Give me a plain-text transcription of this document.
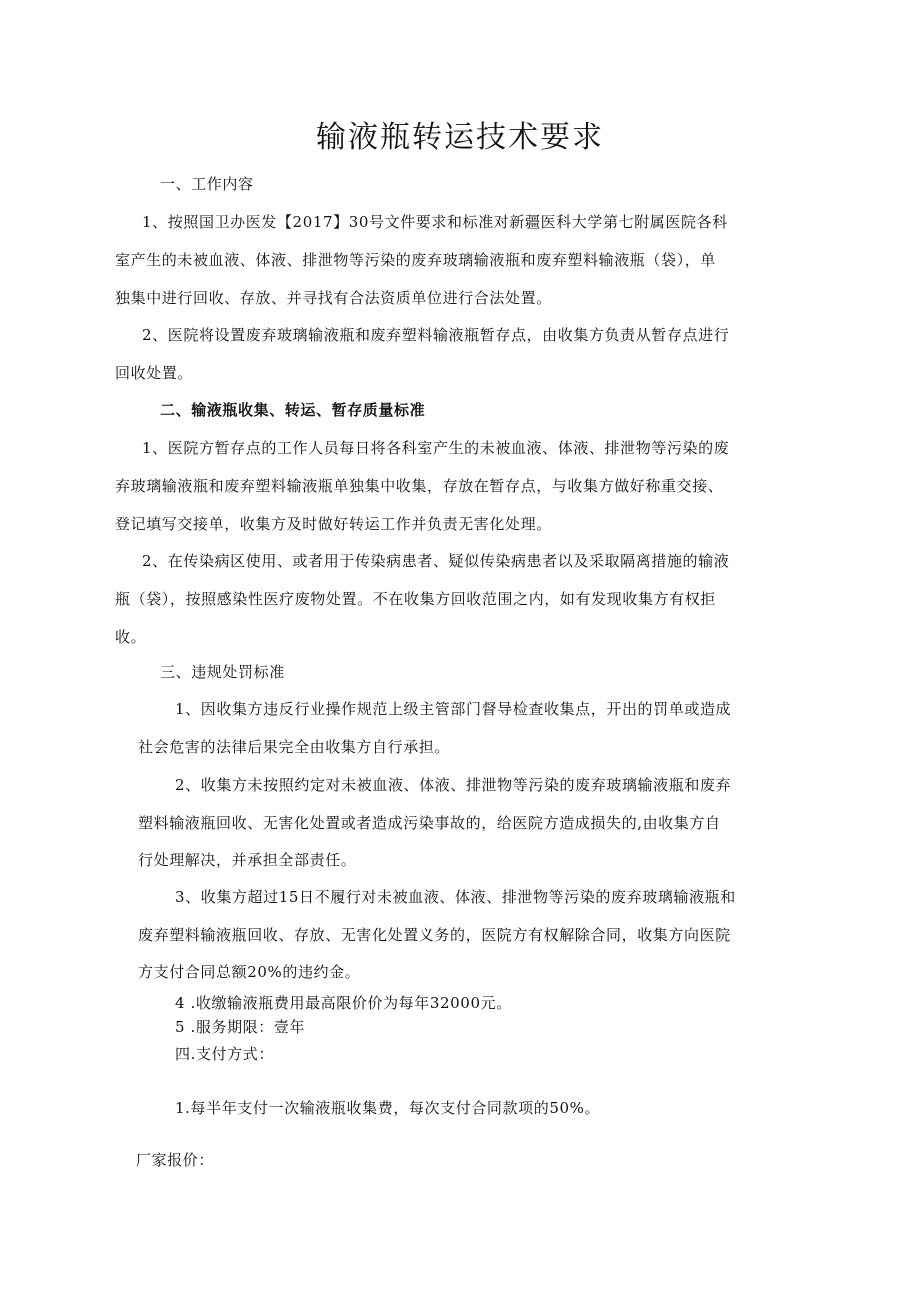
输液瓶转运技术要求
一、工作内容
1、按照国卫办医发【2017】30号文件要求和标准对新疆医科大学第七附属医院各科
室产生的未被血液、体液、排泄物等污染的废弃玻璃输液瓶和废弃塑料输液瓶（袋），单
独集中进行回收、存放、并寻找有合法资质单位进行合法处置。
2、医院将设置废弃玻璃输液瓶和废弃塑料输液瓶暂存点，由收集方负责从暂存点进行
回收处置。
二、输液瓶收集、转运、暂存质量标准
1、医院方暂存点的工作人员每日将各科室产生的未被血液、体液、排泄物等污染的废
弃玻璃输液瓶和废弃塑料输液瓶单独集中收集，存放在暂存点，与收集方做好称重交接、
登记填写交接单，收集方及时做好转运工作并负责无害化处理。
2、在传染病区使用、或者用于传染病患者、疑似传染病患者以及采取隔离措施的输液
瓶（袋），按照感染性医疗废物处置。不在收集方回收范围之内，如有发现收集方有权拒
收。
三、违规处罚标准
1、因收集方违反行业操作规范上级主管部门督导检查收集点，开出的罚单或造成
社会危害的法律后果完全由收集方自行承担。
2、收集方未按照约定对未被血液、体液、排泄物等污染的废弃玻璃输液瓶和废弃
塑料输液瓶回收、无害化处置或者造成污染事故的，给医院方造成损失的,由收集方自
行处理解决，并承担全部责任。
3、收集方超过15日不履行对未被血液、体液、排泄物等污染的废弃玻璃输液瓶和
废弃塑料输液瓶回收、存放、无害化处置义务的，医院方有权解除合同，收集方向医院
方支付合同总额20%的违约金。
4 .收缴输液瓶费用最高限价价为每年32000元。
5 .服务期限：壹年
四.支付方式：
1.每半年支付一次输液瓶收集费，每次支付合同款项的50%。
厂家报价：
